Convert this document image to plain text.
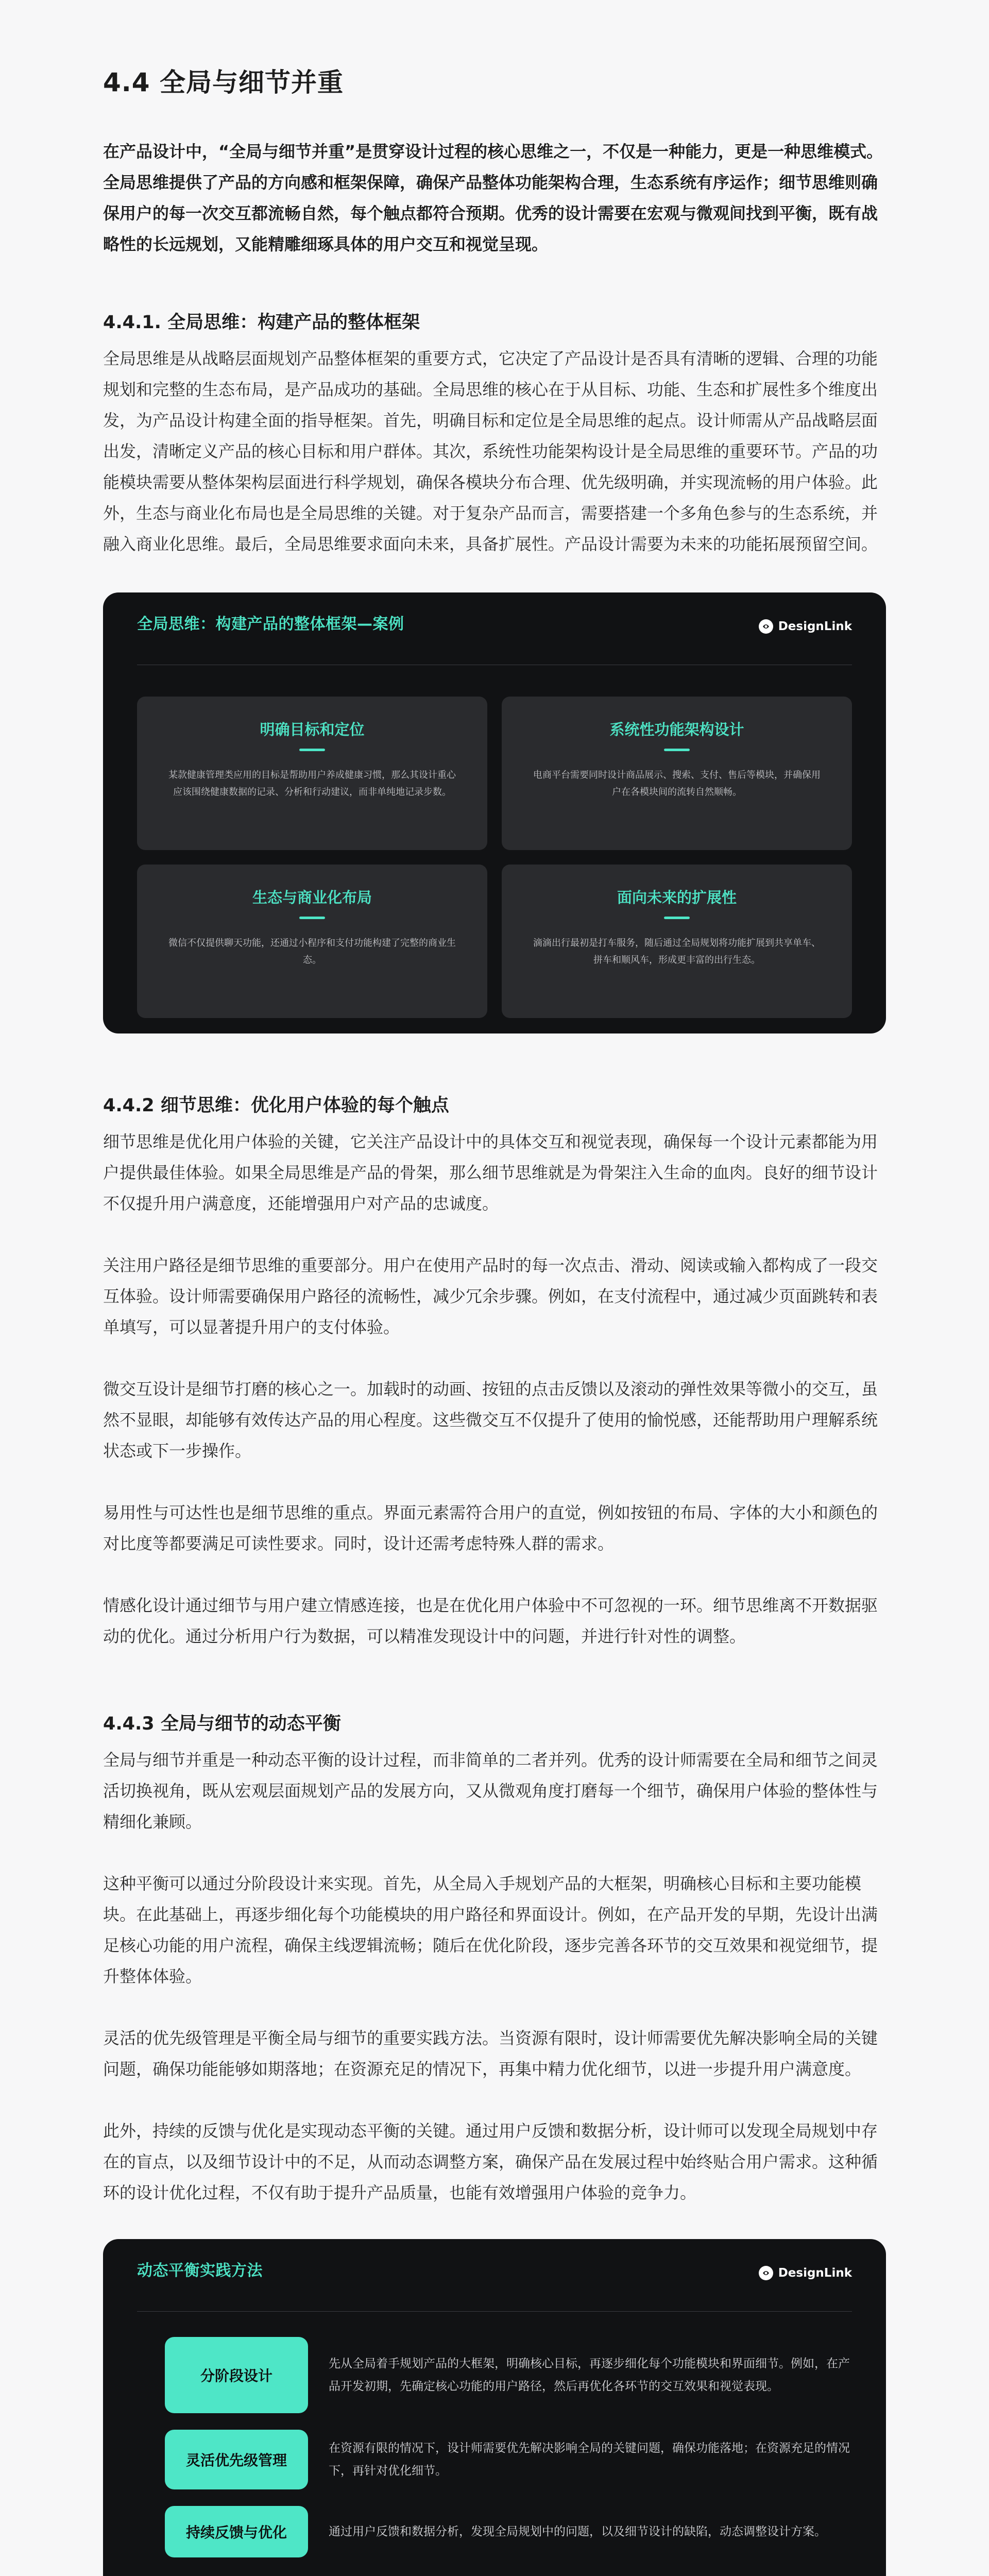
4.4 全局与细节并重

在产品设计中，“全局与细节并重”是贯穿设计过程的核心思维之一，不仅是一种能力，更是一种思维模式。全局思维提供了产品的方向感和框架保障，确保产品整体功能架构合理，生态系统有序运作；细节思维则确保用户的每一次交互都流畅自然，每个触点都符合预期。优秀的设计需要在宏观与微观间找到平衡，既有战略性的长远规划，又能精雕细琢具体的用户交互和视觉呈现。

4.4.1. 全局思维：构建产品的整体框架

全局思维是从战略层面规划产品整体框架的重要方式，它决定了产品设计是否具有清晰的逻辑、合理的功能规划和完整的生态布局，是产品成功的基础。全局思维的核心在于从目标、功能、生态和扩展性多个维度出发，为产品设计构建全面的指导框架。首先，明确目标和定位是全局思维的起点。设计师需从产品战略层面出发，清晰定义产品的核心目标和用户群体。其次，系统性功能架构设计是全局思维的重要环节。产品的功能模块需要从整体架构层面进行科学规划，确保各模块分布合理、优先级明确，并实现流畅的用户体验。此外，生态与商业化布局也是全局思维的关键。对于复杂产品而言，需要搭建一个多角色参与的生态系统，并融入商业化思维。最后，全局思维要求面向未来，具备扩展性。产品设计需要为未来的功能拓展预留空间。

全局思维：构建产品的整体框架—案例	DesignLink
明确目标和定位
某款健康管理类应用的目标是帮助用户养成健康习惯，那么其设计重心应该围绕健康数据的记录、分析和行动建议，而非单纯地记录步数。
系统性功能架构设计
电商平台需要同时设计商品展示、搜索、支付、售后等模块，并确保用户在各模块间的流转自然顺畅。
生态与商业化布局
微信不仅提供聊天功能，还通过小程序和支付功能构建了完整的商业生态。
面向未来的扩展性
滴滴出行最初是打车服务，随后通过全局规划将功能扩展到共享单车、拼车和顺风车，形成更丰富的出行生态。
4.4.2 细节思维：优化用户体验的每个触点

细节思维是优化用户体验的关键，它关注产品设计中的具体交互和视觉表现，确保每一个设计元素都能为用户提供最佳体验。如果全局思维是产品的骨架，那么细节思维就是为骨架注入生命的血肉。良好的细节设计不仅提升用户满意度，还能增强用户对产品的忠诚度。

关注用户路径是细节思维的重要部分。用户在使用产品时的每一次点击、滑动、阅读或输入都构成了一段交互体验。设计师需要确保用户路径的流畅性，减少冗余步骤。例如，在支付流程中，通过减少页面跳转和表单填写，可以显著提升用户的支付体验。

微交互设计是细节打磨的核心之一。加载时的动画、按钮的点击反馈以及滚动的弹性效果等微小的交互，虽然不显眼，却能够有效传达产品的用心程度。这些微交互不仅提升了使用的愉悦感，还能帮助用户理解系统状态或下一步操作。

易用性与可达性也是细节思维的重点。界面元素需符合用户的直觉，例如按钮的布局、字体的大小和颜色的对比度等都要满足可读性要求。同时，设计还需考虑特殊人群的需求。

情感化设计通过细节与用户建立情感连接，也是在优化用户体验中不可忽视的一环。细节思维离不开数据驱动的优化。通过分析用户行为数据，可以精准发现设计中的问题，并进行针对性的调整。

4.4.3 全局与细节的动态平衡

全局与细节并重是一种动态平衡的设计过程，而非简单的二者并列。优秀的设计师需要在全局和细节之间灵活切换视角，既从宏观层面规划产品的发展方向，又从微观角度打磨每一个细节，确保用户体验的整体性与精细化兼顾。

这种平衡可以通过分阶段设计来实现。首先，从全局入手规划产品的大框架，明确核心目标和主要功能模块。在此基础上，再逐步细化每个功能模块的用户路径和界面设计。例如，在产品开发的早期，先设计出满足核心功能的用户流程，确保主线逻辑流畅；随后在优化阶段，逐步完善各环节的交互效果和视觉细节，提升整体体验。

灵活的优先级管理是平衡全局与细节的重要实践方法。当资源有限时，设计师需要优先解决影响全局的关键问题，确保功能能够如期落地；在资源充足的情况下，再集中精力优化细节，以进一步提升用户满意度。

此外，持续的反馈与优化是实现动态平衡的关键。通过用户反馈和数据分析，设计师可以发现全局规划中存在的盲点，以及细节设计中的不足，从而动态调整方案，确保产品在发展过程中始终贴合用户需求。这种循环的设计优化过程，不仅有助于提升产品质量，也能有效增强用户体验的竞争力。

动态平衡实践方法	DesignLink
分阶段设计
先从全局着手规划产品的大框架，明确核心目标，再逐步细化每个功能模块和界面细节。例如，在产品开发初期，先确定核心功能的用户路径，然后再优化各环节的交互效果和视觉表现。
灵活优先级管理
在资源有限的情况下，设计师需要优先解决影响全局的关键问题，确保功能落地；在资源充足的情况下，再针对优化细节。
持续反馈与优化	通过用户反馈和数据分析，发现全局规划中的问题，以及细节设计的缺陷，动态调整设计方案。
